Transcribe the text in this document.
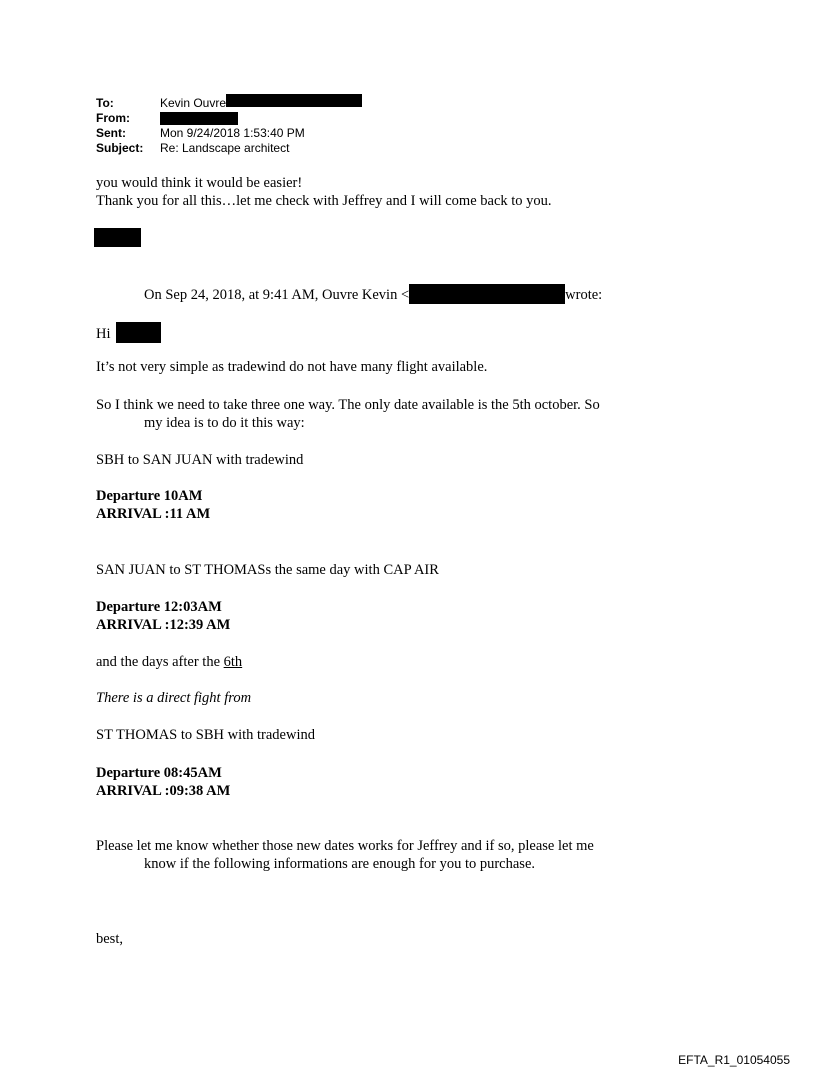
To:	Kevin Ouvre
From:
Sent:	Mon 9/24/2018 1:53:40 PM
Subject:	Re: Landscape architect
you would think it would be easier!
Thank you for all this…let me check with Jeffrey and I will come back to you.
On Sep 24, 2018, at 9:41 AM, Ouvre Kevin <	wrote:
Hi
It’s not very simple as tradewind do not have many flight available.
So I think we need to take three one way. The only date available is the 5th october. So
my idea is to do it this way:
SBH to SAN JUAN with tradewind
Departure 10AM
ARRIVAL :11 AM
SAN JUAN to ST THOMASs the same day with CAP AIR
Departure 12:03AM
ARRIVAL :12:39 AM
and the days after the 6th
There is a direct fight from
ST THOMAS to SBH with tradewind
Departure 08:45AM
ARRIVAL :09:38 AM
Please let me know whether those new dates works for Jeffrey and if so, please let me
know if the following informations are enough for you to purchase.
best,
EFTA_R1_01054055
